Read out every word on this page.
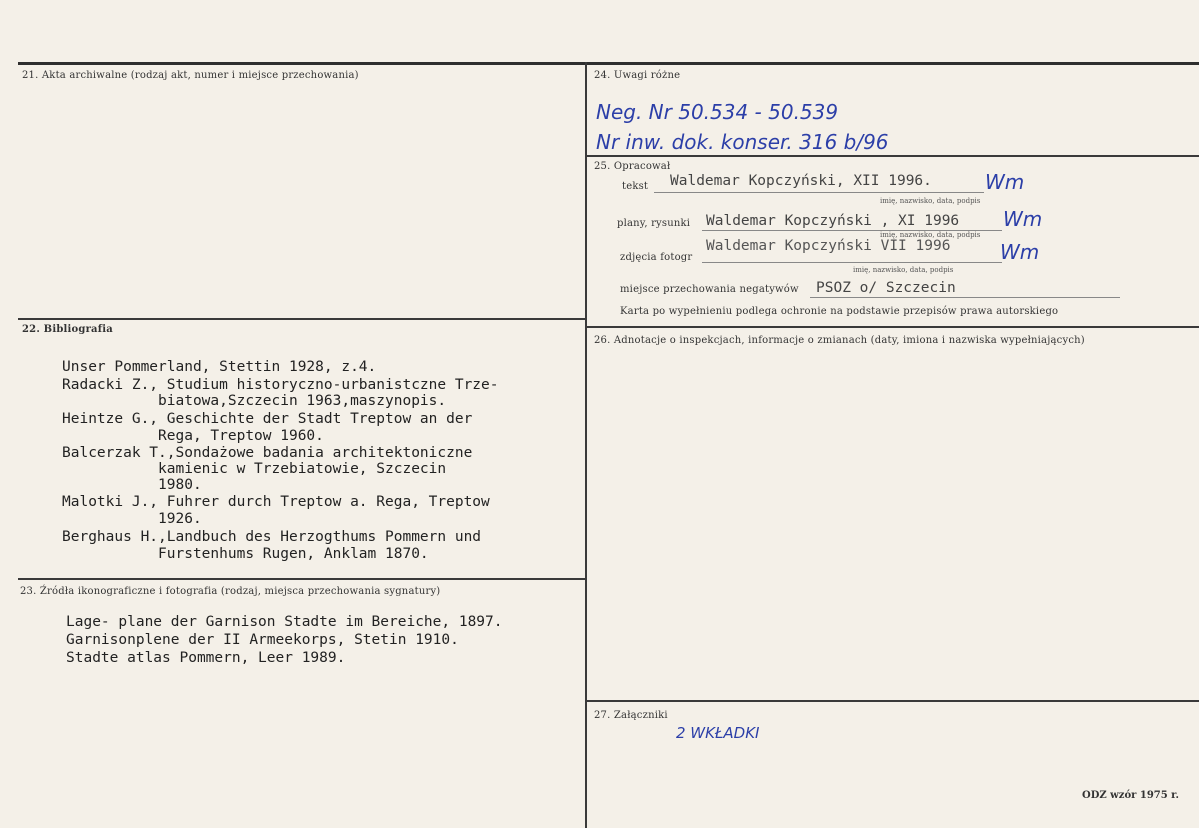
21. Akta archiwalne (rodzaj akt, numer i miejsce przechowania)
22. Bibliografia
Unser Pommerland, Stettin 1928, z.4.
Radacki Z., Studium historyczno-urbanistczne Trze-
biatowa,Szczecin 1963,maszynopis.
Heintze G., Geschichte der Stadt Treptow an der
Rega, Treptow 1960.
Balcerzak T.,Sondażowe badania architektoniczne
kamienic w Trzebiatowie, Szczecin
1980.
Malotki J., Fuhrer durch Treptow a. Rega, Treptow
1926.
Berghaus H.,Landbuch des Herzogthums Pommern und
Furstenhums Rugen, Anklam 1870.
23. Źródła ikonograficzne i fotografia (rodzaj, miejsca przechowania sygnatury)
Lage- plane der Garnison Stadte im Bereiche, 1897.
Garnisonplene der II Armeekorps, Stetin 1910.
Stadte atlas Pommern, Leer 1989.
24. Uwagi różne
Neg. Nr 50.534 - 50.539
Nr inw. dok. konser. 316 b/96
25. Opracował
tekst Waldemar Kopczyński, XII 1996.	Wm
imię, nazwisko, data, podpis
plany, rysunki Waldemar Kopczyński , XI 1996 Wm
imię, nazwisko, data, podpis
zdjęcia fotogr
Waldemar Kopczyński VII 1996 Wm
imię, nazwisko, data, podpis
miejsce przechowania negatywów PSOZ o/ Szczecin
Karta po wypełnieniu podlega ochronie na podstawie przepisów prawa autorskiego
26. Adnotacje o inspekcjach, informacje o zmianach (daty, imiona i nazwiska wypełniających)
27. Załączniki
2 WKŁADKI
ODZ wzór 1975 r.
